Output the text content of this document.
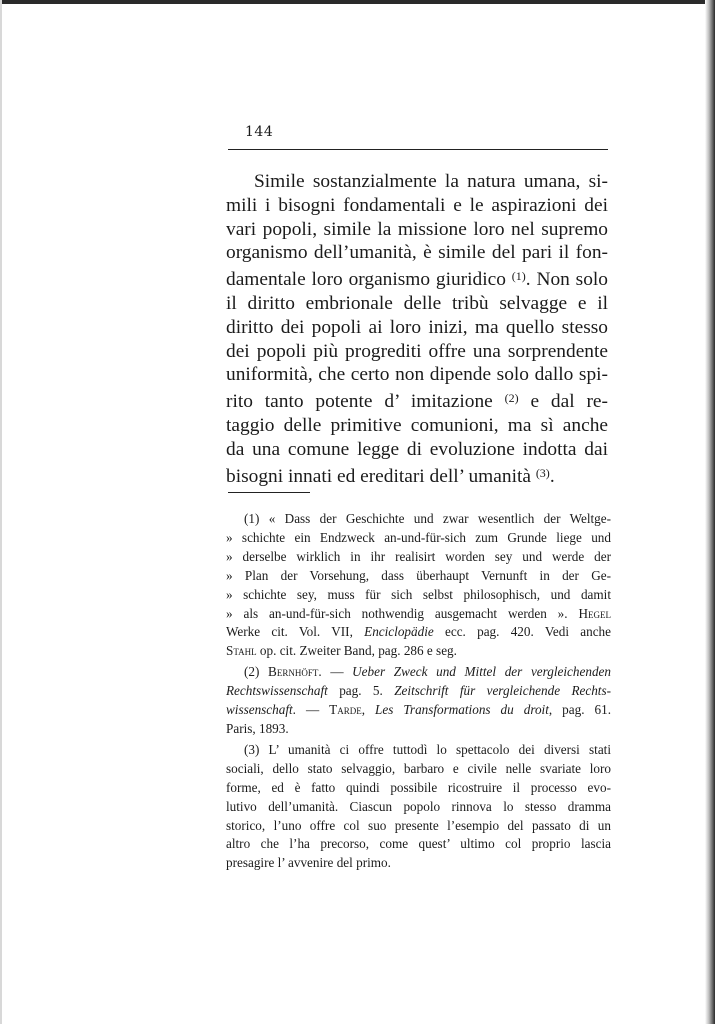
144
Simile sostanzialmente la natura umana, si-
mili i bisogni fondamentali e le aspirazioni dei
vari popoli, simile la missione loro nel supremo
organismo dell’umanità, è simile del pari il fon-
damentale loro organismo giuridico $^{(1)}$. Non solo
il diritto embrionale delle tribù selvagge e il
diritto dei popoli ai loro inizi, ma quello stesso
dei popoli più progrediti offre una sorprendente
uniformità, che certo non dipende solo dallo spi-
rito tanto potente d’ imitazione $^{(2)}$ e dal re-
taggio delle primitive comunioni, ma sì anche
da una comune legge di evoluzione indotta dai
bisogni innati ed ereditari dell’ umanità $^{(3)}$.
(1) « Dass der Geschichte und zwar wesentlich der Weltge-
» schichte ein Endzweck an-und-für-sich zum Grunde liege und
» derselbe wirklich in ihr realisirt worden sey und werde der
» Plan der Vorsehung, dass überhaupt Vernunft in der Ge-
» schichte sey, muss für sich selbst philosophisch, und damit
» als an-und-für-sich nothwendig ausgemacht werden ». Hegel
Werke cit. Vol. VII, Enciclopädie ecc. pag. 420. Vedi anche
Stahl op. cit. Zweiter Band, pag. 286 e seg.
(2) Bernhöft. — Ueber Zweck und Mittel der vergleichenden
Rechtswissenschaft pag. 5. Zeitschrift für vergleichende Rechts-
wissenschaft. — Tarde, Les Transformations du droit, pag. 61.
Paris, 1893.
(3) L’ umanità ci offre tuttodì lo spettacolo dei diversi stati
sociali, dello stato selvaggio, barbaro e civile nelle svariate loro
forme, ed è fatto quindi possibile ricostruire il processo evo-
lutivo dell’umanità. Ciascun popolo rinnova lo stesso dramma
storico, l’uno offre col suo presente l’esempio del passato di un
altro che l’ha precorso, come quest’ ultimo col proprio lascia
presagire l’ avvenire del primo.
